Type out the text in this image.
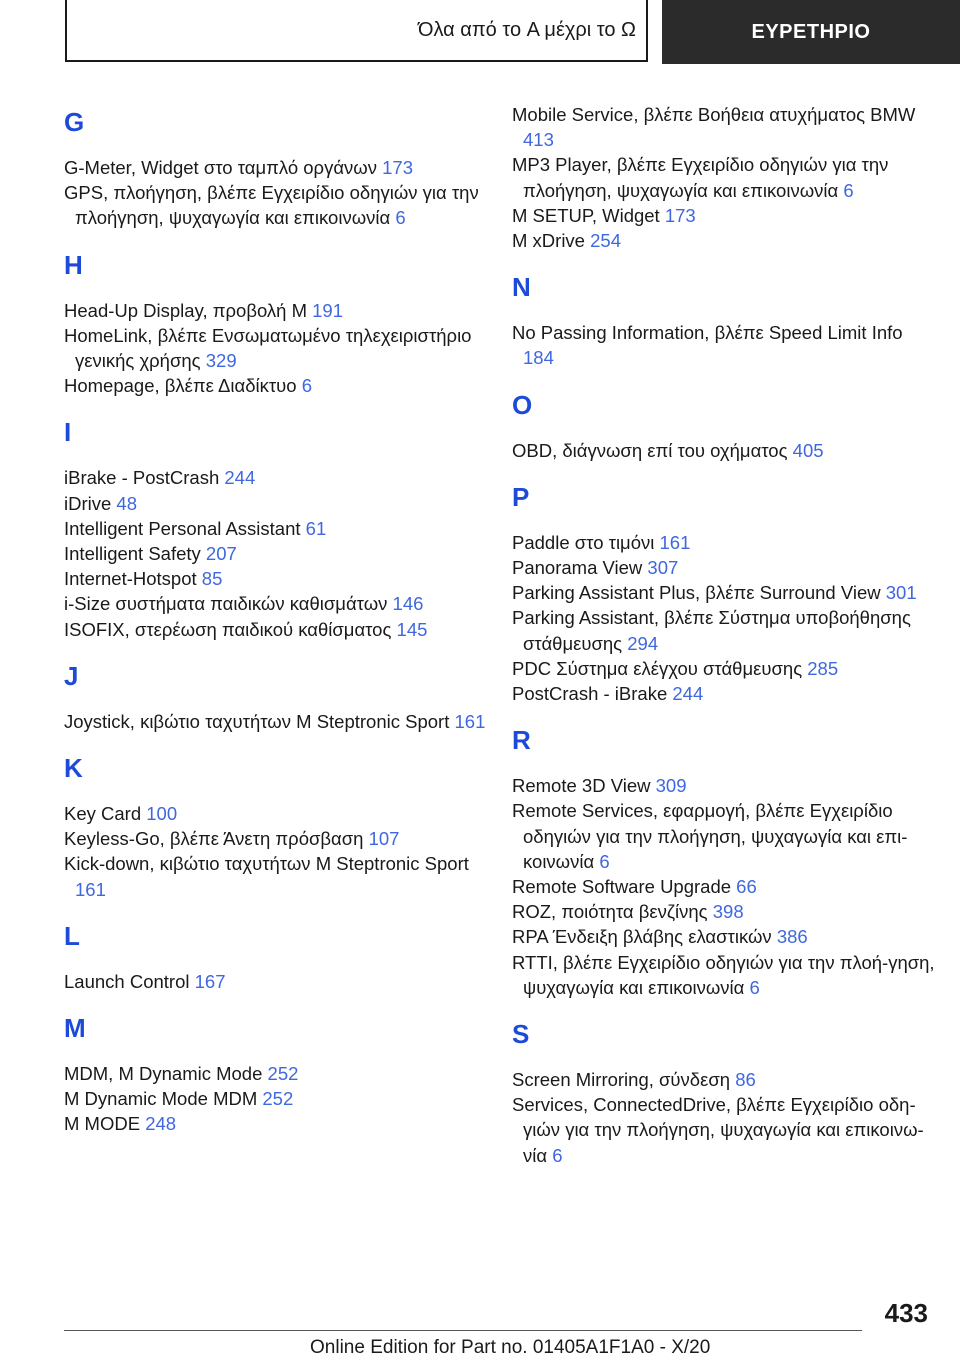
Όλα από το A μέχρι το Ω	ΕΥΡΕΤΗΡΙΟ
G
G-Meter, Widget στο ταμπλό οργάνων 173
GPS, πλοήγηση, βλέπε Εγχειρίδιο οδηγιών για την πλοήγηση, ψυχαγωγία και επικοινωνία 6
H
Head-Up Display, προβολή M 191
HomeLink, βλέπε Ενσωματωμένο τηλεχειριστήριο γενικής χρήσης 329
Homepage, βλέπε Διαδίκτυο 6
I
iBrake - PostCrash 244
iDrive 48
Intelligent Personal Assistant 61
Intelligent Safety 207
Internet-Hotspot 85
i-Size συστήματα παιδικών καθισμάτων 146
ISOFIX, στερέωση παιδικού καθίσματος 145
J
Joystick, κιβώτιο ταχυτήτων M Steptronic Sport 161
K
Key Card 100
Keyless-Go, βλέπε Άνετη πρόσβαση 107
Kick-down, κιβώτιο ταχυτήτων M Steptronic Sport 161
L
Launch Control 167
M
MDM, M Dynamic Mode 252
M Dynamic Mode MDM 252
M MODE 248
Mobile Service, βλέπε Βοήθεια ατυχήματος BMW 413
MP3 Player, βλέπε Εγχειρίδιο οδηγιών για την πλοήγηση, ψυχαγωγία και επικοινωνία 6
M SETUP, Widget 173
M xDrive 254
N
No Passing Information, βλέπε Speed Limit Info 184
O
OBD, διάγνωση επί του οχήματος 405
P
Paddle στο τιμόνι 161
Panorama View 307
Parking Assistant Plus, βλέπε Surround View 301
Parking Assistant, βλέπε Σύστημα υποβοήθησης στάθμευσης 294
PDC Σύστημα ελέγχου στάθμευσης 285
PostCrash - iBrake 244
R
Remote 3D View 309
Remote Services, εφαρμογή, βλέπε Εγχειρίδιο οδηγιών για την πλοήγηση, ψυχαγωγία και επι‐κοινωνία 6
Remote Software Upgrade 66
ROZ, ποιότητα βενζίνης 398
RPA Ένδειξη βλάβης ελαστικών 386
RTTI, βλέπε Εγχειρίδιο οδηγιών για την πλοή‐γηση, ψυχαγωγία και επικοινωνία 6
S
Screen Mirroring, σύνδεση 86
Services, ConnectedDrive, βλέπε Εγχειρίδιο οδη‐γιών για την πλοήγηση, ψυχαγωγία και επικοινω‐νία 6
433
Online Edition for Part no. 01405A1F1A0 - X/20
